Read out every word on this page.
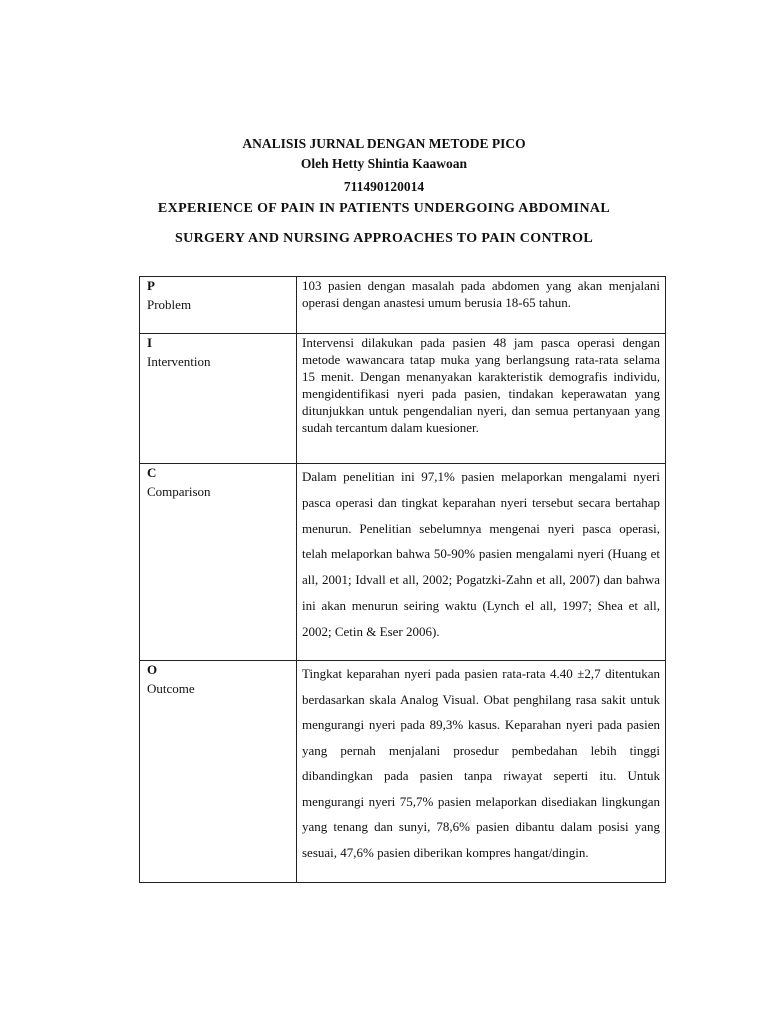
ANALISIS JURNAL DENGAN METODE PICO
Oleh Hetty Shintia Kaawoan
711490120014
EXPERIENCE OF PAIN IN PATIENTS UNDERGOING ABDOMINAL
SURGERY AND NURSING APPROACHES TO PAIN CONTROL
P
Problem	103 pasien dengan masalah pada abdomen yang akan menjalani operasi dengan anastesi umum berusia 18-65 tahun.

I
Intervention	Intervensi dilakukan pada pasien 48 jam pasca operasi dengan metode wawancara tatap muka yang berlangsung rata-rata selama 15 menit. Dengan menanyakan karakteristik demografis individu, mengidentifikasi nyeri pada pasien, tindakan keperawatan yang ditunjukkan untuk pengendalian nyeri, dan semua pertanyaan yang sudah tercantum dalam kuesioner.

C
Comparison	Dalam penelitian ini 97,1% pasien melaporkan mengalami nyeri pasca operasi dan tingkat keparahan nyeri tersebut secara bertahap menurun. Penelitian sebelumnya mengenai nyeri pasca operasi, telah melaporkan bahwa 50-90% pasien mengalami nyeri (Huang et all, 2001; Idvall et all, 2002; Pogatzki-Zahn et all, 2007) dan bahwa ini akan menurun seiring waktu (Lynch el all, 1997; Shea et all, 2002; Cetin & Eser 2006).

O
Outcome	Tingkat keparahan nyeri pada pasien rata-rata 4.40 ±2,7 ditentukan berdasarkan skala Analog Visual. Obat penghilang rasa sakit untuk mengurangi nyeri pada 89,3% kasus. Keparahan nyeri pada pasien yang pernah menjalani prosedur pembedahan lebih tinggi dibandingkan pada pasien tanpa riwayat seperti itu. Untuk mengurangi nyeri 75,7% pasien melaporkan disediakan lingkungan yang tenang dan sunyi, 78,6% pasien dibantu dalam posisi yang sesuai, 47,6% pasien diberikan kompres hangat/dingin.
